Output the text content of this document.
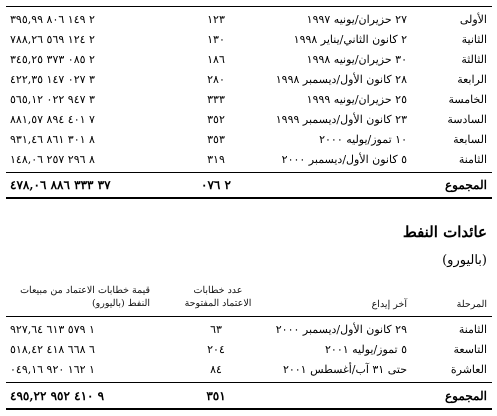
الأولى
٢٧ حزيران/يونيه ١٩٩٧
١٢٣
٢ ١٤٩ ٨٠٦ ٣٩٥,٩٩
الثانية
٢ كانون الثاني/يناير ١٩٩٨
١٣٠
٢ ١٢٤ ٥٦٩ ٧٨٨,٢٦
الثالثة
٣٠ حزيران/يونيه ١٩٩٨
١٨٦
٢ ٠٨٥ ٣٧٣ ٣٤٥,٢٥
الرابعة
٢٨ كانون الأول/ديسمبر ١٩٩٨
٢٨٠
٣ ٠٢٧ ١٤٧ ٤٢٢,٣٥
الخامسة
٢٥ حزيران/يونيه ١٩٩٩
٣٣٣
٣ ٩٤٧ ٠٢٢ ٥٦٥,١٢
السادسة
٢٣ كانون الأول/ديسمبر ١٩٩٩
٣٥٢
٧ ٤٠١ ٨٩٤ ٨٨١,٥٧
السابعة
١٠ تموز/يوليه ٢٠٠٠
٣٥٣
٨ ٣٠١ ٨٦١ ٩٣١,٤٦
الثامنة
٥ كانون الأول/ديسمبر ٢٠٠٠
٣١٩
٨ ٢٩٦ ٢٥٧ ١٤٨,٠٦
المجموع
٢ ٠٧٦
٣٧ ٣٣٣ ٨٨٦ ٤٧٨,٠٦
عائدات النفط
(باليورو)
المرحلة
آخر إيداع
عدد خطابات الاعتماد المفتوحة
قيمة خطابات الاعتماد من مبيعات النفط (باليورو)
الثامنة
٢٩ كانون الأول/ديسمبر ٢٠٠٠
٦٣
١ ٥٧٩ ٦١٣ ٩٢٧,٦٤
التاسعة
٥ تموز/يوليه ٢٠٠١
٢٠٤
٦ ٦٦٨ ٤١٨ ٥١٨,٤٢
العاشرة
حتى ٣١ آب/أغسطس ٢٠٠١
٨٤
١ ١٦٢ ٩٢٠ ٠٤٩,١٦
المجموع
٣٥١
٩ ٤١٠ ٩٥٢ ٤٩٥,٢٢
